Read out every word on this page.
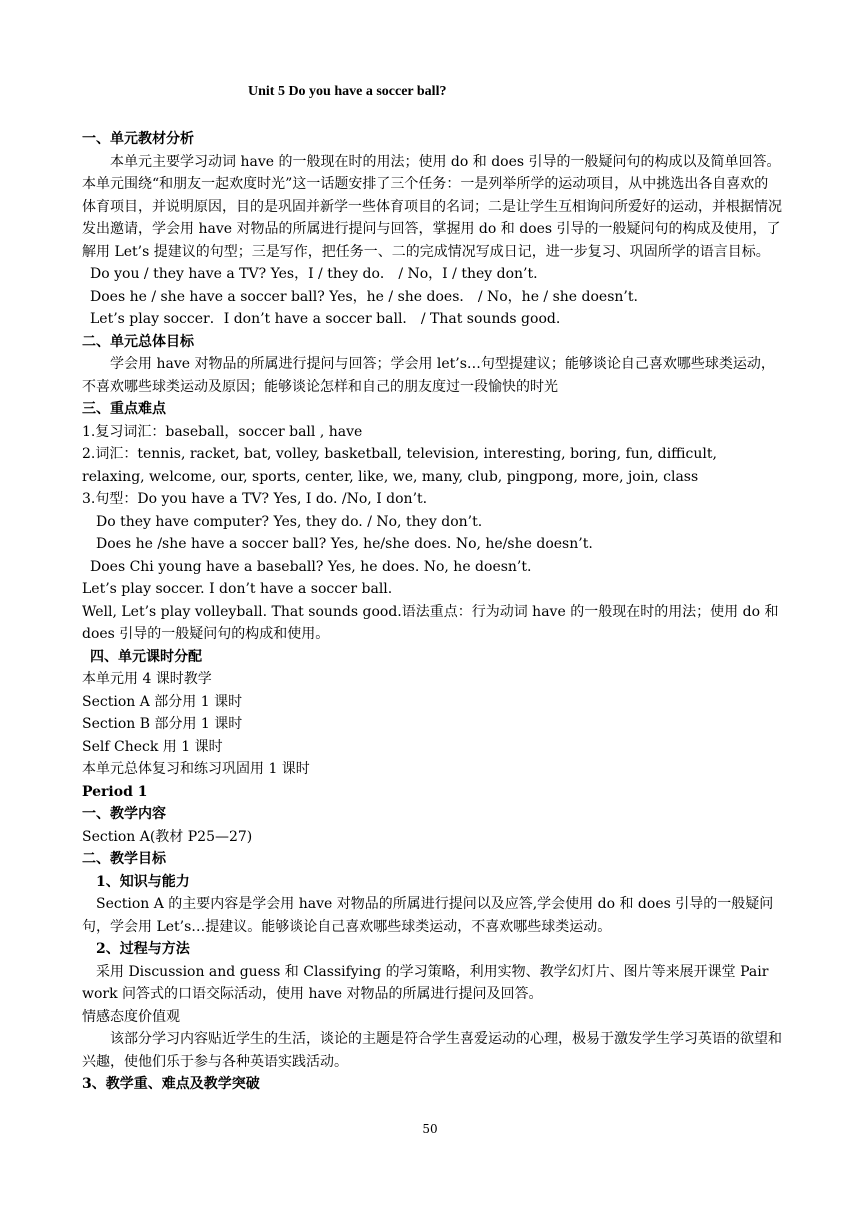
Unit 5 Do you have a soccer ball?

一、单元教材分析

本单元主要学习动词 have 的一般现在时的用法；使用 do 和 does 引导的一般疑问句的构成以及简单回答。本单元围绕“和朋友一起欢度时光”这一话题安排了三个任务：一是列举所学的运动项目，从中挑选出各自喜欢的体育项目，并说明原因，目的是巩固并新学一些体育项目的名词；二是让学生互相询问所爱好的运动，并根据情况发出邀请，学会用 have 对物品的所属进行提问与回答，掌握用 do 和 does 引导的一般疑问句的构成及使用，了解用 Let’s 提建议的句型；三是写作，把任务一、二的完成情况写成日记，进一步复习、巩固所学的语言目标。

Do you / they have a TV? Yes，I / they do． / No，I / they don’t.

Does he / she have a soccer ball? Yes，he / she does． / No，he / she doesn’t.

Let’s play soccer．I don’t have a soccer ball． / That sounds good.

二、单元总体目标

学会用 have 对物品的所属进行提问与回答；学会用 let’s…句型提建议；能够谈论自己喜欢哪些球类运动，不喜欢哪些球类运动及原因；能够谈论怎样和自己的朋友度过一段愉快的时光

三、重点难点

1.复习词汇：baseball，soccer ball , have

2.词汇：tennis, racket, bat, volley, basketball, television, interesting, boring, fun, difficult, relaxing, welcome, our, sports, center, like, we, many, club, pingpong, more, join, class

3.句型：Do you have a TV? Yes, I do. /No, I don’t.

Do they have computer? Yes, they do. / No, they don’t.

Does he /she have a soccer ball? Yes, he/she does. No, he/she doesn’t.

Does Chi young have a baseball? Yes, he does. No, he doesn’t.

Let’s play soccer. I don’t have a soccer ball.

Well, Let’s play volleyball. That sounds good.语法重点：行为动词 have 的一般现在时的用法；使用 do 和 does 引导的一般疑问句的构成和使用。

四、单元课时分配

本单元用 4 课时教学

Section A 部分用 1 课时

Section B 部分用 1 课时

Self Check 用 1 课时

本单元总体复习和练习巩固用 1 课时

Period 1

一、教学内容

Section A(教材 P25—27)

二、教学目标

1、知识与能力

Section A 的主要内容是学会用 have 对物品的所属进行提问以及应答,学会使用 do 和 does 引导的一般疑问句，学会用 Let’s…提建议。能够谈论自己喜欢哪些球类运动，不喜欢哪些球类运动。

2、过程与方法

采用 Discussion and guess 和 Classifying 的学习策略，利用实物、教学幻灯片、图片等来展开课堂 Pair work 问答式的口语交际活动，使用 have 对物品的所属进行提问及回答。

情感态度价值观

该部分学习内容贴近学生的生活，谈论的主题是符合学生喜爱运动的心理，极易于激发学生学习英语的欲望和兴趣，使他们乐于参与各种英语实践活动。

3、教学重、难点及教学突破

50
